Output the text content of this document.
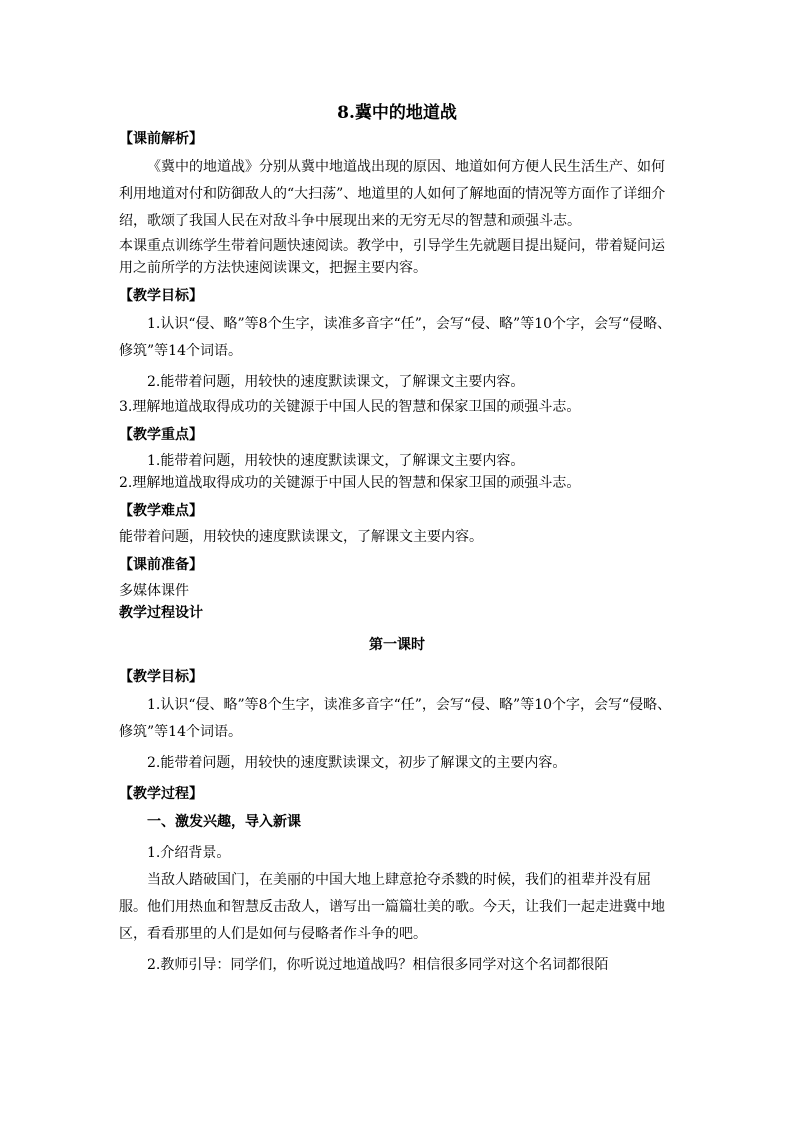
8.冀中的地道战
【课前解析】

《冀中的地道战》分别从冀中地道战出现的原因、地道如何方便人民生活生产、如何利用地道对付和防御敌人的“大扫荡”、地道里的人如何了解地面的情况等方面作了详细介绍，歌颂了我国人民在对敌斗争中展现出来的无穷无尽的智慧和顽强斗志。

本课重点训练学生带着问题快速阅读。教学中，引导学生先就题目提出疑问，带着疑问运用之前所学的方法快速阅读课文，把握主要内容。

【教学目标】

1.认识“侵、略”等8个生字，读准多音字“任”，会写“侵、略”等10个字，会写“侵略、修筑”等14个词语。

2.能带着问题，用较快的速度默读课文，了解课文主要内容。

3.理解地道战取得成功的关键源于中国人民的智慧和保家卫国的顽强斗志。

【教学重点】

1.能带着问题，用较快的速度默读课文，了解课文主要内容。

2.理解地道战取得成功的关键源于中国人民的智慧和保家卫国的顽强斗志。

【教学难点】

能带着问题，用较快的速度默读课文，了解课文主要内容。

【课前准备】

多媒体课件

教学过程设计

第一课时
【教学目标】

1.认识“侵、略”等8个生字，读准多音字“任”，会写“侵、略”等10个字，会写“侵略、修筑”等14个词语。

2.能带着问题，用较快的速度默读课文，初步了解课文的主要内容。

【教学过程】

一、激发兴趣，导入新课

1.介绍背景。

当敌人踏破国门，在美丽的中国大地上肆意抢夺杀戮的时候，我们的祖辈并没有屈服。他们用热血和智慧反击敌人，谱写出一篇篇壮美的歌。今天，让我们一起走进冀中地区，看看那里的人们是如何与侵略者作斗争的吧。

2.教师引导：同学们，你听说过地道战吗？相信很多同学对这个名词都很陌
